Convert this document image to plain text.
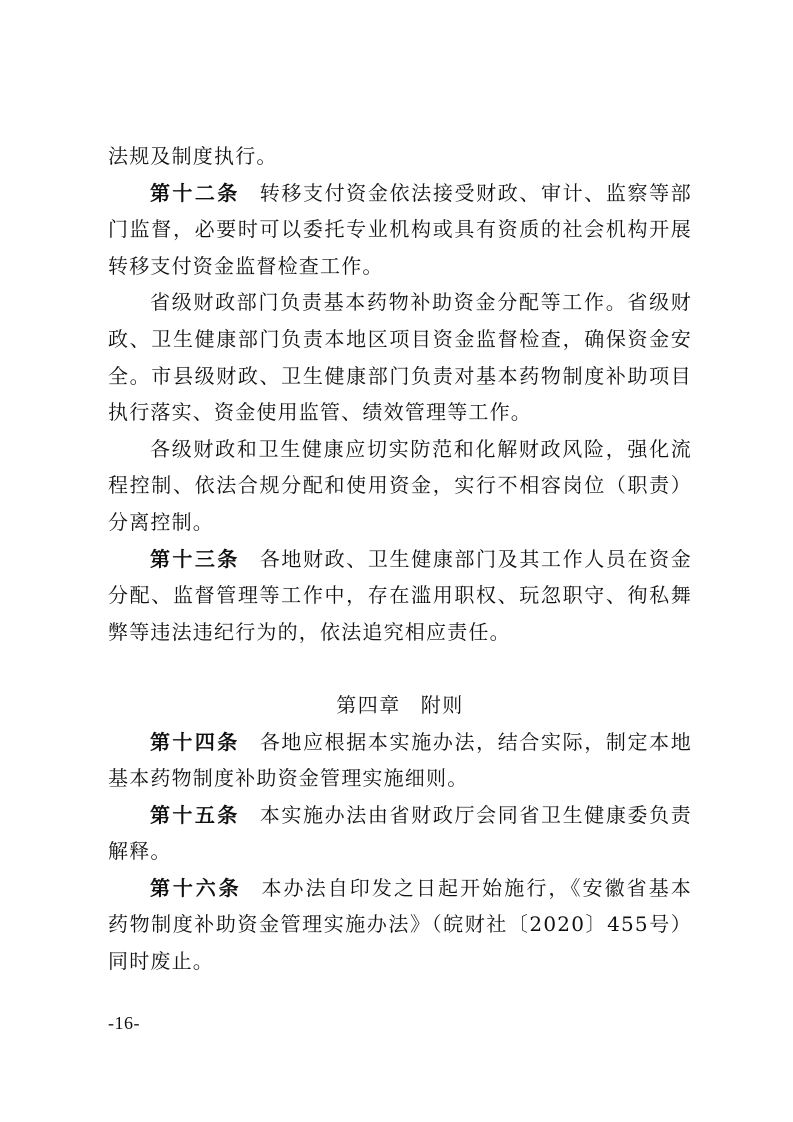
法规及制度执行。

第十二条 转移支付资金依法接受财政、审计、监察等部门监督，必要时可以委托专业机构或具有资质的社会机构开展转移支付资金监督检查工作。

省级财政部门负责基本药物补助资金分配等工作。省级财政、卫生健康部门负责本地区项目资金监督检查，确保资金安全。市县级财政、卫生健康部门负责对基本药物制度补助项目执行落实、资金使用监管、绩效管理等工作。

各级财政和卫生健康应切实防范和化解财政风险，强化流程控制、依法合规分配和使用资金，实行不相容岗位（职责）分离控制。

第十三条 各地财政、卫生健康部门及其工作人员在资金分配、监督管理等工作中，存在滥用职权、玩忽职守、徇私舞弊等违法违纪行为的，依法追究相应责任。

第四章 附则

第十四条 各地应根据本实施办法，结合实际，制定本地基本药物制度补助资金管理实施细则。

第十五条 本实施办法由省财政厅会同省卫生健康委负责解释。

第十六条 本办法自印发之日起开始施行，《安徽省基本药物制度补助资金管理实施办法》（皖财社〔2020〕455号）同时废止。

-16-
